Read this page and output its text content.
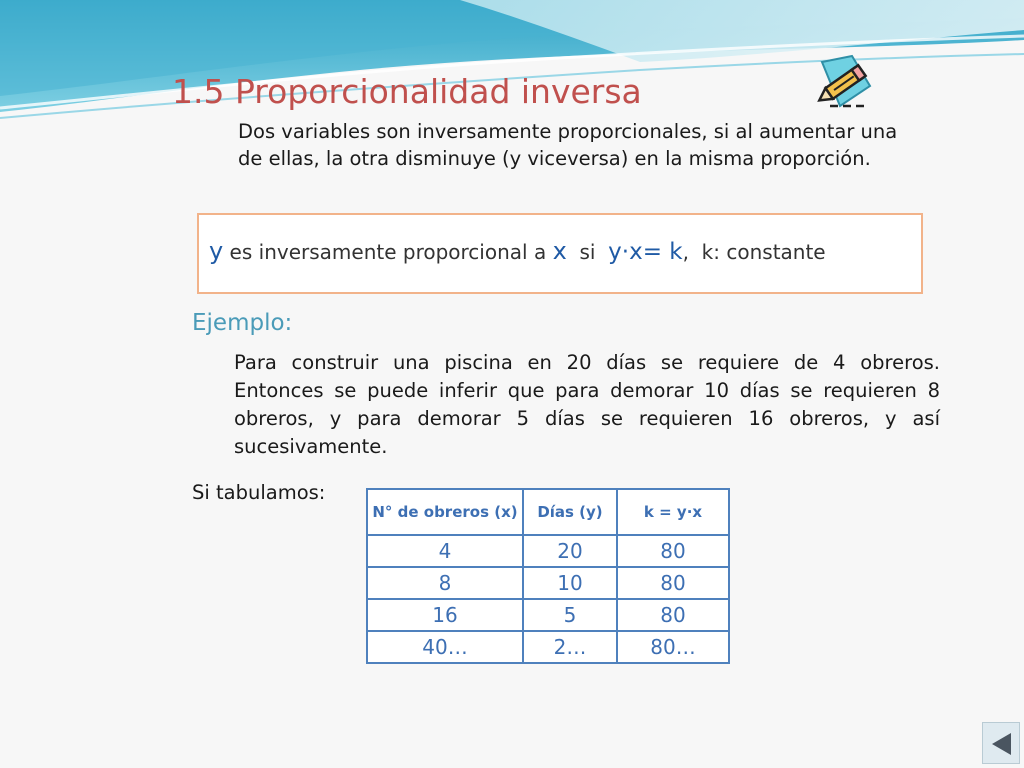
1.5 Proporcionalidad inversa
Dos variables son inversamente proporcionales, si al aumentar una de ellas, la otra disminuye (y viceversa) en la misma proporción.
y es inversamente proporcional a x  si  y·x= k,  k: constante
Ejemplo:
Para construir una piscina en 20 días se requiere de 4 obreros. Entonces se puede inferir que para demorar 10 días se requieren 8 obreros, y para demorar 5 días se requieren 16 obreros, y así sucesivamente.
Si tabulamos:
N° de obreros (x)	Días (y)	k = y·x
4	20	80
8	10	80
16	5	80
40…	2…	80…
